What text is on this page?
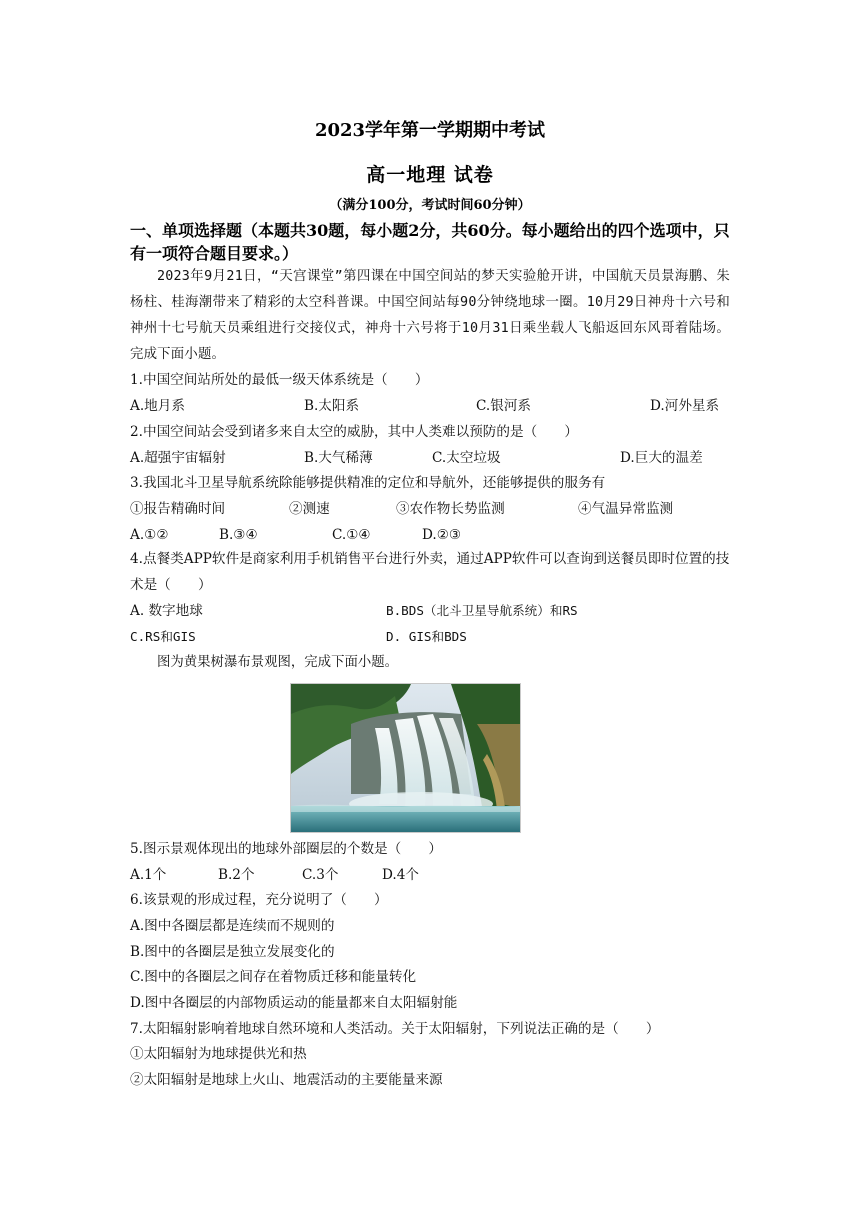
2023学年第一学期期中考试
高一地理 试卷
（满分100分，考试时间60分钟）
一、单项选择题（本题共30题，每小题2分，共60分。每小题给出的四个选项中，只有一项符合题目要求。）
2023年9月21日，“天宫课堂”第四课在中国空间站的梦天实验舱开讲，中国航天员景海鹏、朱杨柱、桂海潮带来了精彩的太空科普课。中国空间站每90分钟绕地球一圈。10月29日神舟十六号和神州十七号航天员乘组进行交接仪式，神舟十六号将于10月31日乘坐载人飞船返回东风哥着陆场。完成下面小题。
1.中国空间站所处的最低一级天体系统是（　　）
A.地月系	B.太阳系	C.银河系	D.河外星系
2.中国空间站会受到诸多来自太空的威胁，其中人类难以预防的是（　　）
A.超强宇宙辐射	B.大气稀薄	C.太空垃圾	D.巨大的温差
3.我国北斗卫星导航系统除能够提供精准的定位和导航外，还能够提供的服务有
①报告精确时间	②测速	③农作物长势监测	④气温异常监测
A.①②	B.③④	C.①④	D.②③
4.点餐类APP软件是商家利用手机销售平台进行外卖，通过APP软件可以查询到送餐员即时位置的技术是（　　）
A. 数字地球	B.BDS（北斗卫星导航系统）和RS
C.RS和GIS	D. GIS和BDS
图为黄果树瀑布景观图，完成下面小题。
5.图示景观体现出的地球外部圈层的个数是（　　）
A.1个	B.2个	C.3个	D.4个
6.该景观的形成过程，充分说明了（　　）
A.图中各圈层都是连续而不规则的
B.图中的各圈层是独立发展变化的
C.图中的各圈层之间存在着物质迁移和能量转化
D.图中各圈层的内部物质运动的能量都来自太阳辐射能
7.太阳辐射影响着地球自然环境和人类活动。关于太阳辐射，下列说法正确的是（　　）
①太阳辐射为地球提供光和热
②太阳辐射是地球上火山、地震活动的主要能量来源
